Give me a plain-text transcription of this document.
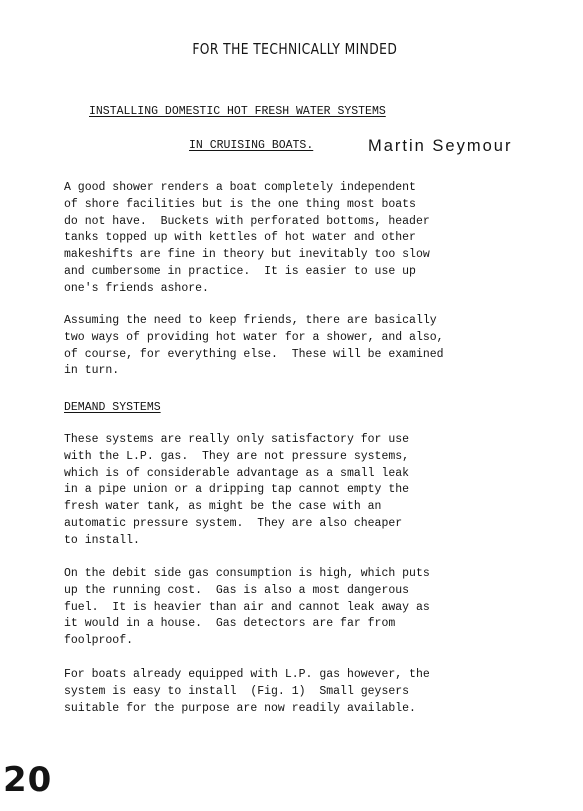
FOR THE TECHNICALLY MINDED
INSTALLING DOMESTIC HOT FRESH WATER SYSTEMS
IN CRUISING BOATS.	Martin Seymour
A good shower renders a boat completely independent
of shore facilities but is the one thing most boats
do not have.  Buckets with perforated bottoms, header
tanks topped up with kettles of hot water and other
makeshifts are fine in theory but inevitably too slow
and cumbersome in practice.  It is easier to use up
one's friends ashore.
Assuming the need to keep friends, there are basically
two ways of providing hot water for a shower, and also,
of course, for everything else.  These will be examined
in turn.
DEMAND SYSTEMS
These systems are really only satisfactory for use
with the L.P. gas.  They are not pressure systems,
which is of considerable advantage as a small leak
in a pipe union or a dripping tap cannot empty the
fresh water tank, as might be the case with an
automatic pressure system.  They are also cheaper
to install.
On the debit side gas consumption is high, which puts
up the running cost.  Gas is also a most dangerous
fuel.  It is heavier than air and cannot leak away as
it would in a house.  Gas detectors are far from
foolproof.
For boats already equipped with L.P. gas however, the
system is easy to install  (Fig. 1)  Small geysers
suitable for the purpose are now readily available.
20
